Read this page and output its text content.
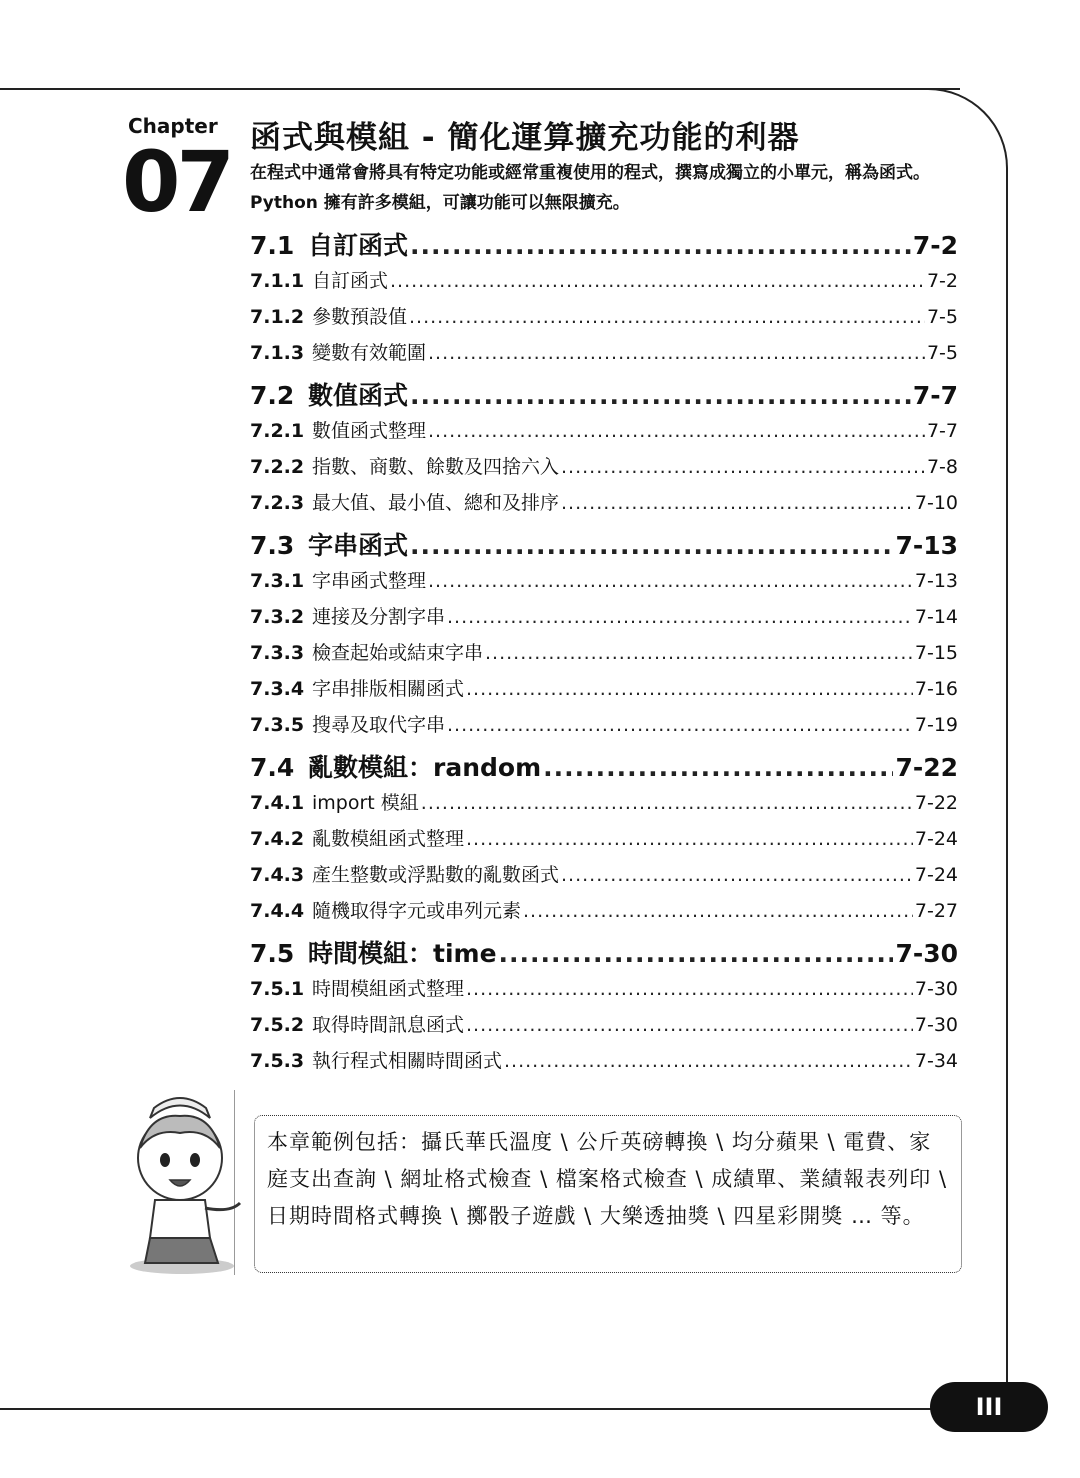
Chapter
07 函式與模組 - 簡化運算擴充功能的利器
在程式中通常會將具有特定功能或經常重複使用的程式，撰寫成獨立的小單元，稱為函式。Python 擁有許多模組，可讓功能可以無限擴充。
7.1 自訂函式 .....	7-2
7.1.1 自訂函式 .....	7-2
7.1.2 參數預設值 .....	7-5
7.1.3 變數有效範圍 .....	7-5
7.2 數值函式 .....	7-7
7.2.1 數值函式整理 .....	7-7
7.2.2 指數、商數、餘數及四捨六入 .....	7-8
7.2.3 最大值、最小值、總和及排序 .....	7-10
7.3 字串函式 .....	7-13
7.3.1 字串函式整理 .....	7-13
7.3.2 連接及分割字串 .....	7-14
7.3.3 檢查起始或結束字串 .....	7-15
7.3.4 字串排版相關函式 .....	7-16
7.3.5 搜尋及取代字串 .....	7-19
7.4 亂數模組：random .....	7-22
7.4.1 import 模組 .....	7-22
7.4.2 亂數模組函式整理 .....	7-24
7.4.3 產生整數或浮點數的亂數函式 .....	7-24
7.4.4 隨機取得字元或串列元素 .....	7-27
7.5 時間模組：time .....	7-30
7.5.1 時間模組函式整理 .....	7-30
7.5.2 取得時間訊息函式 .....	7-30
7.5.3 執行程式相關時間函式 .....	7-34
本章範例包括：攝氏華氏溫度 \ 公斤英磅轉換 \ 均分蘋果 \ 電費、家庭支出查詢 \ 網址格式檢查 \ 檔案格式檢查 \ 成績單、業績報表列印 \ 日期時間格式轉換 \ 擲骰子遊戲 \ 大樂透抽獎 \ 四星彩開獎 … 等。
III
